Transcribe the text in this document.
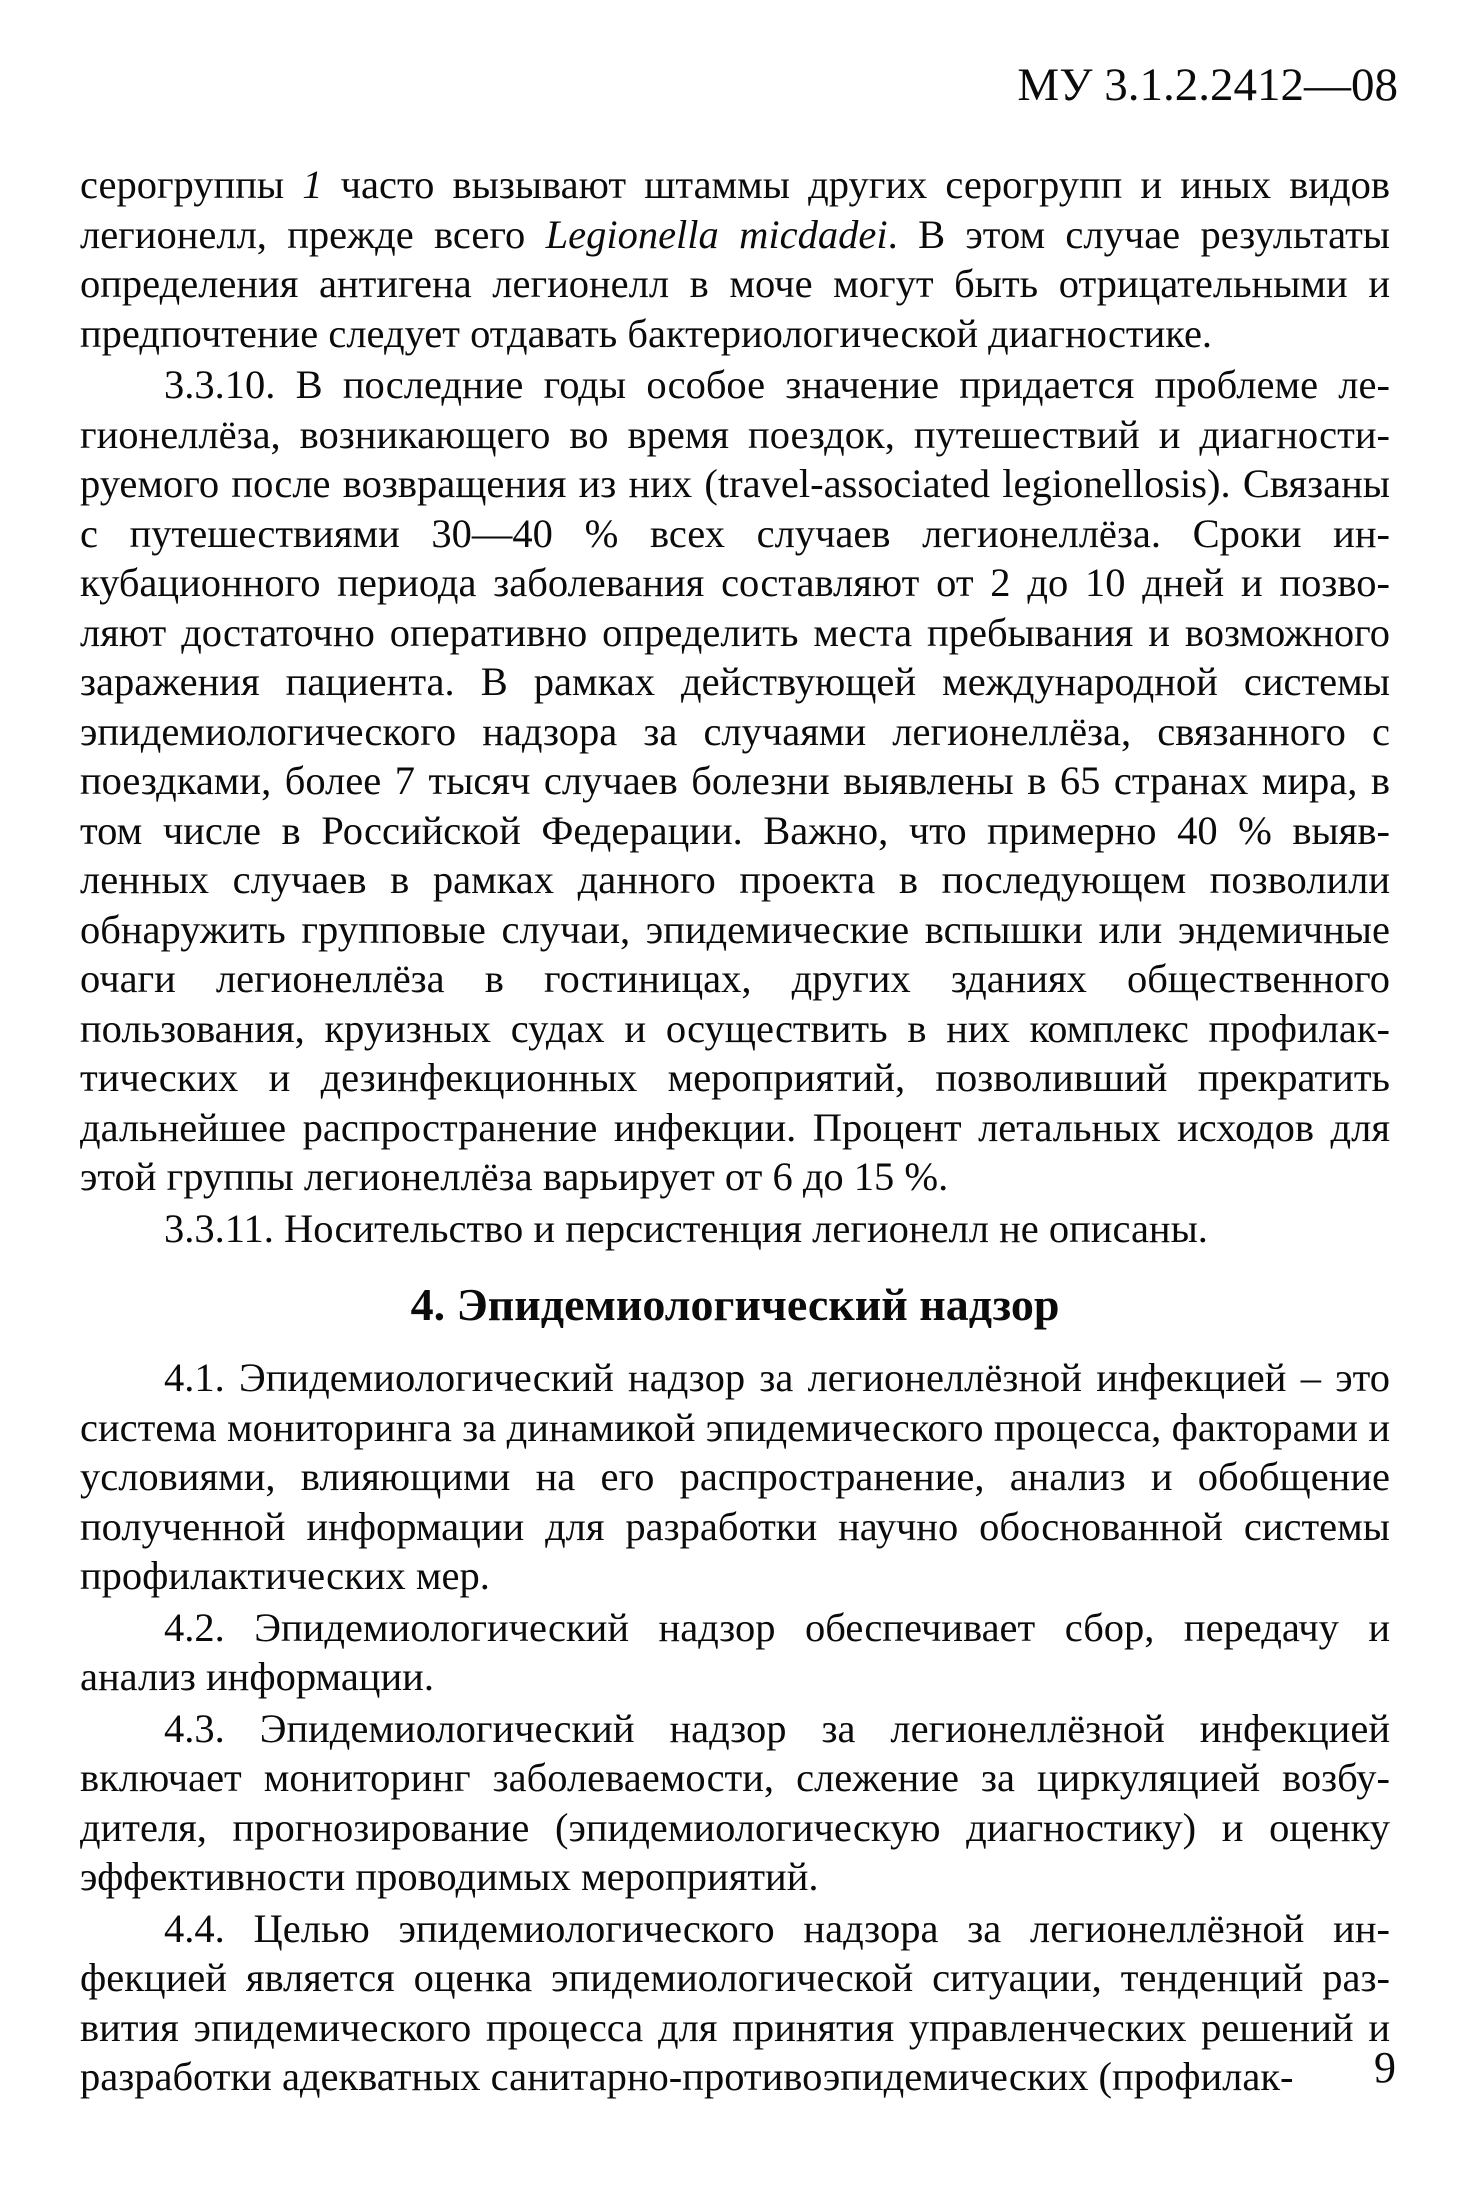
МУ 3.1.2.2412—08

серогруппы 1 часто вызывают штаммы других серогрупп и иных видов легионелл, прежде всего Legionella micdadei. В этом случае результаты определения антигена легионелл в моче могут быть отрицательными и предпочтение следует отдавать бактериологической диагностике.

3.3.10. В последние годы особое значение придается проблеме легионеллёза, возникающего во время поездок, путешествий и диагностируемого после возвращения из них (travel-associated legionellosis). Связаны с путешествиями 30—40 % всех случаев легионеллёза. Сроки инкубационного периода заболевания составляют от 2 до 10 дней и позволяют достаточно оперативно определить места пребывания и возможного заражения пациента. В рамках действующей международной системы эпидемиологического надзора за случаями легионеллёза, связанного с поездками, более 7 тысяч случаев болезни выявлены в 65 странах мира, в том числе в Российской Федерации. Важно, что примерно 40 % выявленных случаев в рамках данного проекта в последующем позволили обнаружить групповые случаи, эпидемические вспышки или эндемичные очаги легионеллёза в гостиницах, других зданиях общественного пользования, круизных судах и осуществить в них комплекс профилактических и дезинфекционных мероприятий, позволивший прекратить дальнейшее распространение инфекции. Процент летальных исходов для этой группы легионеллёза варьирует от 6 до 15 %.

3.3.11. Носительство и персистенция легионелл не описаны.

4. Эпидемиологический надзор

4.1. Эпидемиологический надзор за легионеллёзной инфекцией – это система мониторинга за динамикой эпидемического процесса, факторами и условиями, влияющими на его распространение, анализ и обобщение полученной информации для разработки научно обоснованной системы профилактических мер.

4.2. Эпидемиологический надзор обеспечивает сбор, передачу и анализ информации.

4.3. Эпидемиологический надзор за легионеллёзной инфекцией включает мониторинг заболеваемости, слежение за циркуляцией возбудителя, прогнозирование (эпидемиологическую диагностику) и оценку эффективности проводимых мероприятий.

4.4. Целью эпидемиологического надзора за легионеллёзной инфекцией является оценка эпидемиологической ситуации, тенденций развития эпидемического процесса для принятия управленческих решений и разработки адекватных санитарно-противоэпидемических (профилак-	9
